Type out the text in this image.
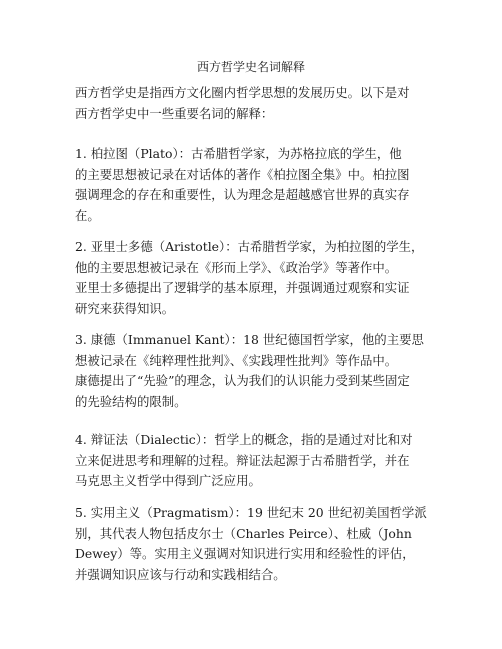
西方哲学史名词解释
西方哲学史是指西方文化圈内哲学思想的发展历史。以下是对
西方哲学史中一些重要名词的解释：
1. 柏拉图（Plato）：古希腊哲学家，为苏格拉底的学生，他
的主要思想被记录在对话体的著作《柏拉图全集》中。柏拉图
强调理念的存在和重要性，认为理念是超越感官世界的真实存
在。
2. 亚里士多德（Aristotle）：古希腊哲学家，为柏拉图的学生，
他的主要思想被记录在《形而上学》、《政治学》等著作中。
亚里士多德提出了逻辑学的基本原理，并强调通过观察和实证
研究来获得知识。
3. 康德（Immanuel Kant）：18 世纪德国哲学家，他的主要思
想被记录在《纯粹理性批判》、《实践理性批判》等作品中。
康德提出了“先验”的理念，认为我们的认识能力受到某些固定
的先验结构的限制。
4. 辩证法（Dialectic）：哲学上的概念，指的是通过对比和对
立来促进思考和理解的过程。辩证法起源于古希腊哲学，并在
马克思主义哲学中得到广泛应用。
5. 实用主义（Pragmatism）：19 世纪末 20 世纪初美国哲学派
别，其代表人物包括皮尔士（Charles Peirce）、杜威（John
Dewey）等。实用主义强调对知识进行实用和经验性的评估，
并强调知识应该与行动和实践相结合。
